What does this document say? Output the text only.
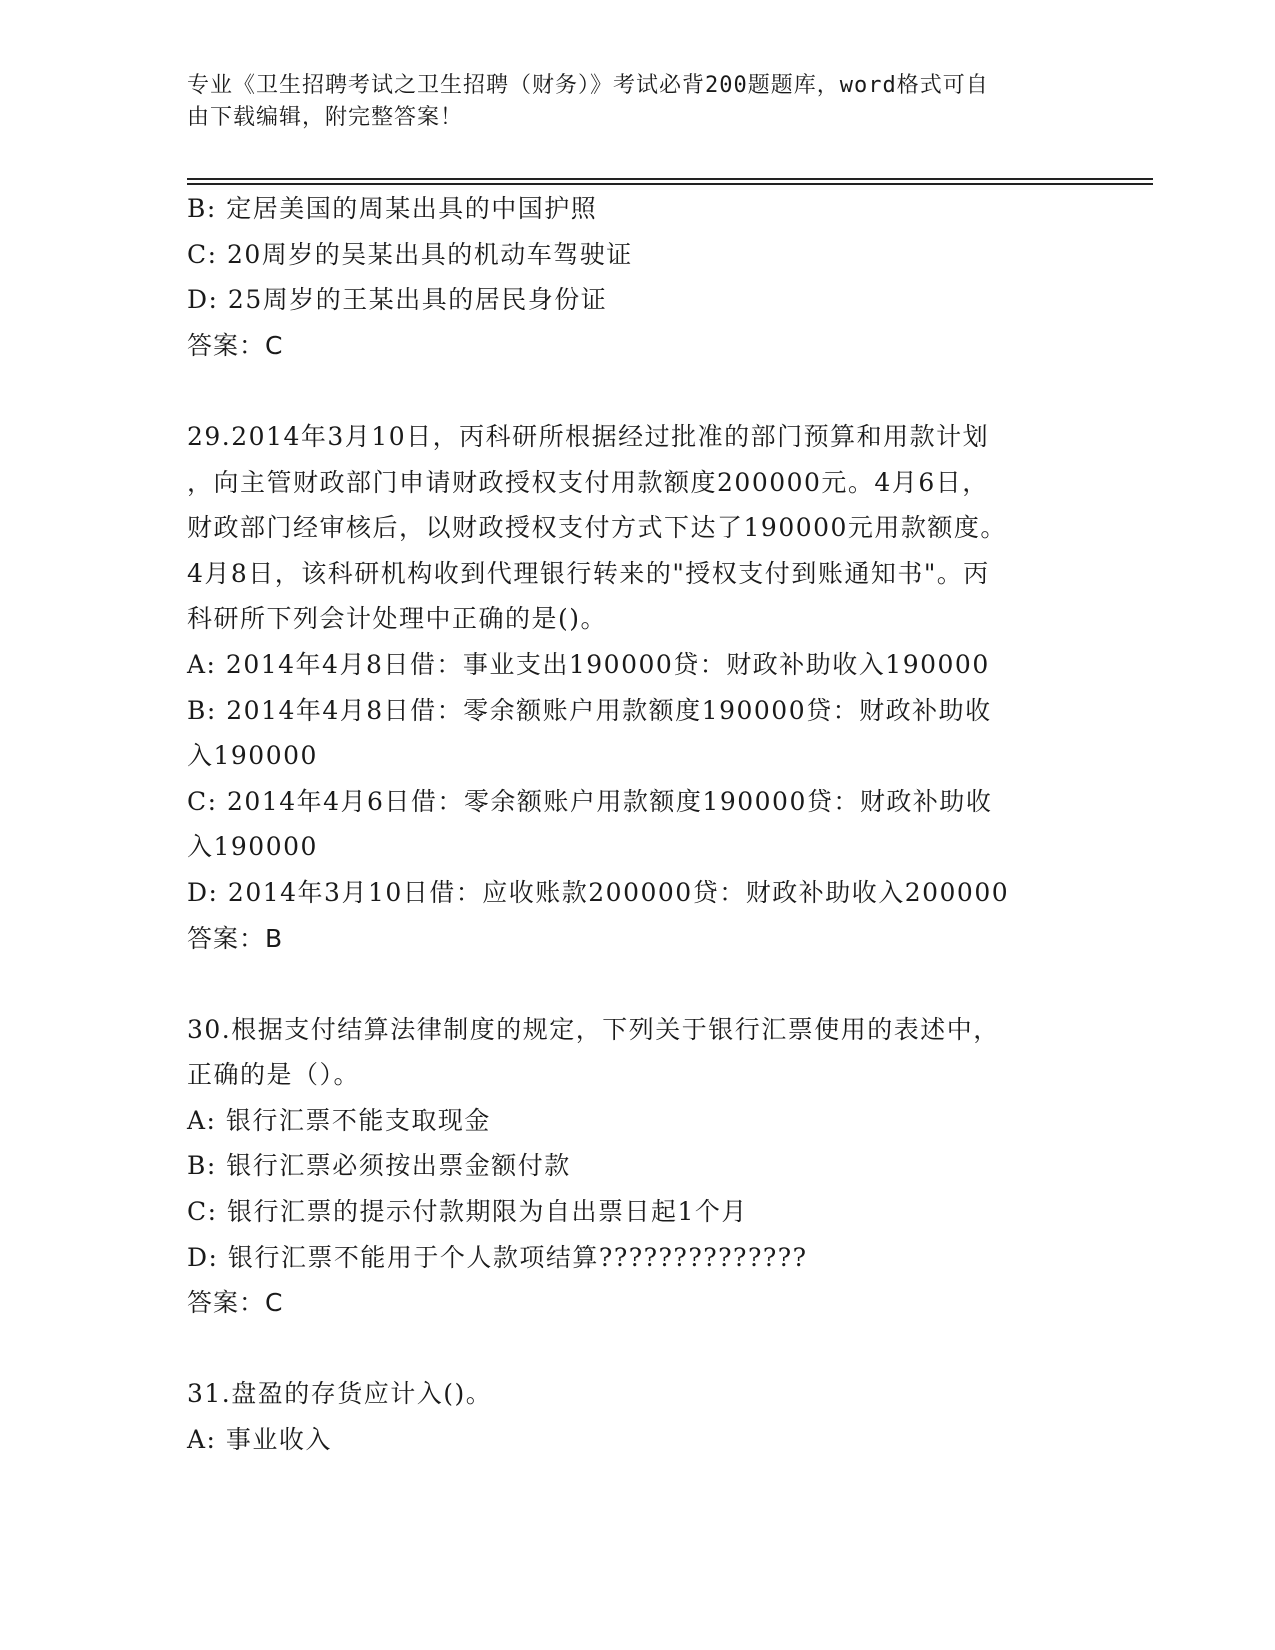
专业《卫生招聘考试之卫生招聘（财务）》考试必背200题题库，word格式可自

由下载编辑，附完整答案！

B: 定居美国的周某出具的中国护照

C: 20周岁的吴某出具的机动车驾驶证

D: 25周岁的王某出具的居民身份证

答案：C

29.2014年3月10日，丙科研所根据经过批准的部门预算和用款计划

，向主管财政部门申请财政授权支付用款额度200000元。4月6日，

财政部门经审核后，以财政授权支付方式下达了190000元用款额度。

4月8日，该科研机构收到代理银行转来的"授权支付到账通知书"。丙

科研所下列会计处理中正确的是()。

A: 2014年4月8日借：事业支出190000贷：财政补助收入190000

B: 2014年4月8日借：零余额账户用款额度190000贷：财政补助收

入190000

C: 2014年4月6日借：零余额账户用款额度190000贷：财政补助收

入190000

D: 2014年3月10日借：应收账款200000贷：财政补助收入200000

答案：B

30.根据支付结算法律制度的规定，下列关于银行汇票使用的表述中，

正确的是（）。

A: 银行汇票不能支取现金

B: 银行汇票必须按出票金额付款

C: 银行汇票的提示付款期限为自出票日起1个月

D: 银行汇票不能用于个人款项结算??????????????

答案：C

31.盘盈的存货应计入()。

A: 事业收入
